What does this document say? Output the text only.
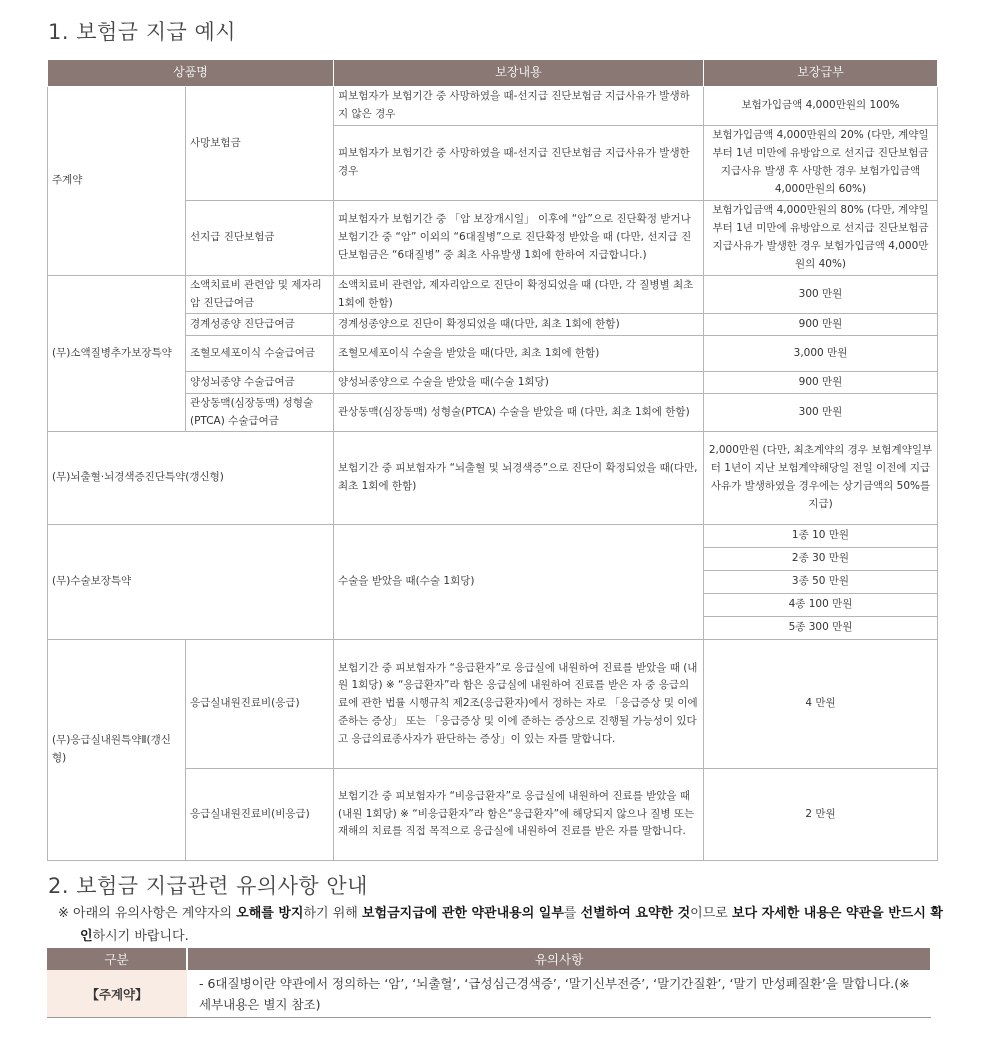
1. 보험금 지급 예시
상품명		보장내용	보장급부
주계약	사망보험금	피보험자가 보험기간 중 사망하였을 때-선지급 진단보험금 지급사유가 발생하지 않은 경우	보험가입금액 4,000만원의 100%
		피보험자가 보험기간 중 사망하였을 때-선지급 진단보험금 지급사유가 발생한 경우	보험가입금액 4,000만원의 20% (다만, 계약일부터 1년 미만에 유방암으로 선지급 진단보험금 지급사유 발생 후 사망한 경우 보험가입금액 4,000만원의 60%)
	선지급 진단보험금	피보험자가 보험기간 중 「암 보장개시일」 이후에 “암”으로 진단확정 받거나 보험기간 중 “암” 이외의 “6대질병”으로 진단확정 받았을 때 (다만, 선지급 진단보험금은 “6대질병” 중 최초 사유발생 1회에 한하여 지급합니다.)	보험가입금액 4,000만원의 80% (다만, 계약일부터 1년 미만에 유방암으로 선지급 진단보험금 지급사유가 발생한 경우 보험가입금액 4,000만원의 40%)
(무)소액질병추가보장특약	소액치료비 관련암 및 제자리암 진단급여금	소액치료비 관련암, 제자리암으로 진단이 확정되었을 때 (다만, 각 질병별 최초 1회에 한함)	300 만원
	경계성종양 진단급여금	경계성종양으로 진단이 확정되었을 때(다만, 최초 1회에 한함)	900 만원
	조혈모세포이식 수술급여금	조혈모세포이식 수술을 받았을 때(다만, 최초 1회에 한함)	3,000 만원
	양성뇌종양 수술급여금	양성뇌종양으로 수술을 받았을 때(수술 1회당)	900 만원
	관상동맥(심장동맥) 성형술(PTCA) 수술급여금	관상동맥(심장동맥) 성형술(PTCA) 수술을 받았을 때 (다만, 최초 1회에 한함)	300 만원
(무)뇌출혈·뇌경색증진단특약(갱신형)		보험기간 중 피보험자가 “뇌출혈 및 뇌경색증”으로 진단이 확정되었을 때(다만, 최초 1회에 한함)	2,000만원 (다만, 최초계약의 경우 보험계약일부터 1년이 지난 보험계약해당일 전일 이전에 지급사유가 발생하였을 경우에는 상기금액의 50%를 지급)
(무)수술보장특약		수술을 받았을 때(수술 1회당)	1종 10 만원
			2종 30 만원
			3종 50 만원
			4종 100 만원
			5종 300 만원
(무)응급실내원특약Ⅱ(갱신형)	응급실내원진료비(응급)	보험기간 중 피보험자가 “응급환자”로 응급실에 내원하여 진료를 받았을 때 (내원 1회당) ※ “응급환자”라 함은 응급실에 내원하여 진료를 받은 자 중 응급의료에 관한 법률 시행규칙 제2조(응급환자)에서 정하는 자로 「응급증상 및 이에 준하는 증상」 또는 「응급증상 및 이에 준하는 증상으로 진행될 가능성이 있다고 응급의료종사자가 판단하는 증상」이 있는 자를 말합니다.	4 만원
	응급실내원진료비(비응급)	보험기간 중 피보험자가 “비응급환자”로 응급실에 내원하여 진료를 받았을 때 (내원 1회당) ※ “비응급환자”라 함은“응급환자”에 해당되지 않으나 질병 또는 재해의 치료를 직접 목적으로 응급실에 내원하여 진료를 받은 자를 말합니다.	2 만원
2. 보험금 지급관련 유의사항 안내
※ 아래의 유의사항은 계약자의 오해를 방지하기 위해 보험금지급에 관한 약관내용의 일부를 선별하여 요약한 것이므로 보다 자세한 내용은 약관을 반드시 확인하시기 바랍니다.
구분	유의사항
【주계약】	- 6대질병이란 약관에서 정의하는 ‘암’, ‘뇌출혈’, ‘급성심근경색증’, ‘말기신부전증’, ‘말기간질환’, ‘말기 만성폐질환’을 말합니다.(※ 세부내용은 별지 참조)
